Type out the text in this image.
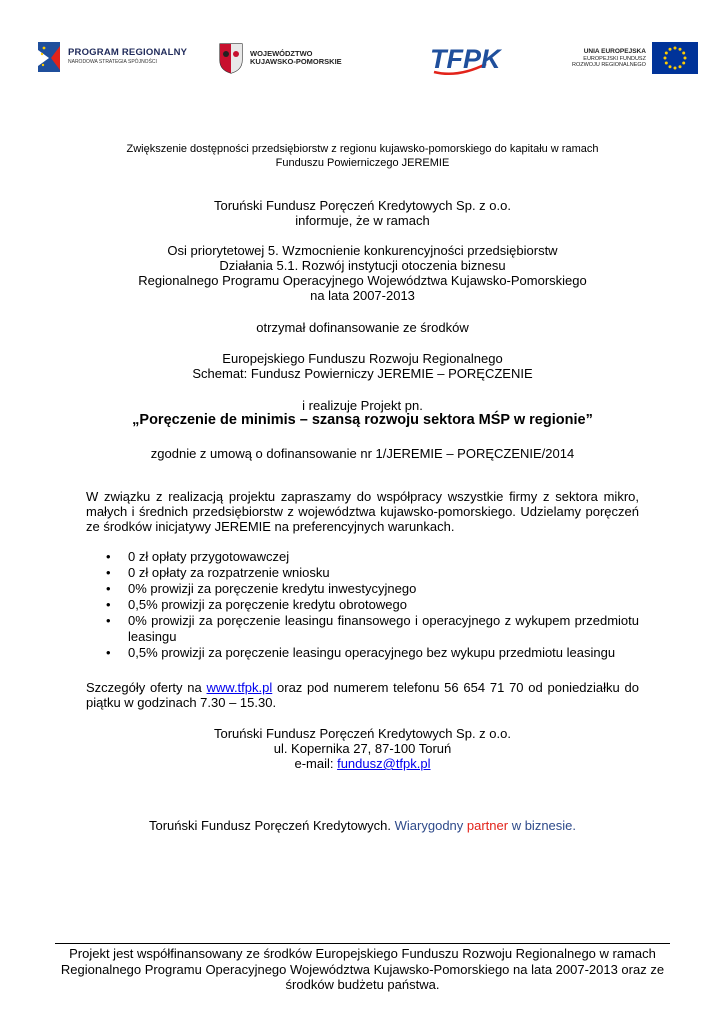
PROGRAM REGIONALNY
NARODOWA STRATEGIA SPÓJNOŚCI
WOJEWÓDZTWO
KUJAWSKO-POMORSKIE	TFPK	UNIA EUROPEJSKA
EUROPEJSKI FUNDUSZ
ROZWOJU REGIONALNEGO
Zwiększenie dostępności przedsiębiorstw z regionu kujawsko-pomorskiego do kapitału w ramach
Funduszu Powierniczego JEREMIE
Toruński Fundusz Poręczeń Kredytowych Sp. z o.o.
informuje, że w ramach
Osi priorytetowej 5. Wzmocnienie konkurencyjności przedsiębiorstw
Działania 5.1. Rozwój instytucji otoczenia biznesu
Regionalnego Programu Operacyjnego Województwa Kujawsko-Pomorskiego
na lata 2007-2013
otrzymał dofinansowanie ze środków
Europejskiego Funduszu Rozwoju Regionalnego
Schemat: Fundusz Powierniczy JEREMIE – PORĘCZENIE
i realizuje Projekt pn.
„Poręczenie de minimis – szansą rozwoju sektora MŚP w regionie”
zgodnie z umową o dofinansowanie nr 1/JEREMIE – PORĘCZENIE/2014
W związku z realizacją projektu zapraszamy do współpracy wszystkie firmy z sektora mikro, małych i średnich przedsiębiorstw z województwa kujawsko-pomorskiego. Udzielamy poręczeń ze środków inicjatywy JEREMIE na preferencyjnych warunkach.
• 0 zł opłaty przygotowawczej
• 0 zł opłaty za rozpatrzenie wniosku
• 0% prowizji za poręczenie kredytu inwestycyjnego
• 0,5% prowizji za poręczenie kredytu obrotowego
• 0% prowizji za poręczenie leasingu finansowego i operacyjnego z wykupem przedmiotu leasingu
• 0,5% prowizji za poręczenie leasingu operacyjnego bez wykupu przedmiotu leasingu
Szczegóły oferty na www.tfpk.pl oraz pod numerem telefonu 56 654 71 70 od poniedziałku do piątku w godzinach 7.30 – 15.30.
Toruński Fundusz Poręczeń Kredytowych Sp. z o.o.
ul. Kopernika 27, 87-100 Toruń
e-mail: fundusz@tfpk.pl
Toruński Fundusz Poręczeń Kredytowych. Wiarygodny partner w biznesie.
Projekt jest współfinansowany ze środków Europejskiego Funduszu Rozwoju Regionalnego w ramach
Regionalnego Programu Operacyjnego Województwa Kujawsko-Pomorskiego na lata 2007-2013 oraz ze
środków budżetu państwa.
